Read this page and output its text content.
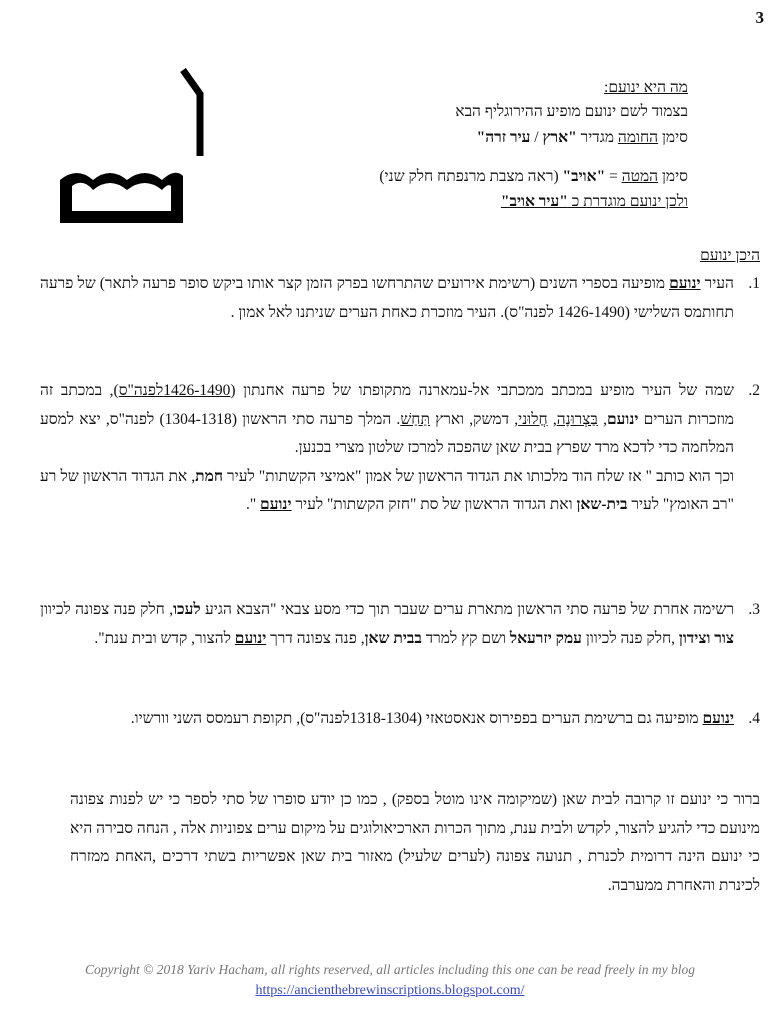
3
מה היא ינועם:
בצמוד לשם ינועם מופיע ההירוגליף הבא
סימן החומה מגדיר "ארץ / עיר זרה"
סימן המטה = "אויב" (ראה מצבת מרנפתח חלק שני)
ולכן ינועם מוגדרת כ "עיר אויב"
היכן ינועם
1.
העיר ינועם מופיעה בספרי השנים (רשימת אירועים שהתרחשו בפרק הזמן קצר אותו ביקש סופר פרעה לתאר) של פרעה תחותמס השלישי (1426-1490 לפנה"ס). העיר מוזכרת כאחת הערים שניתנו לאל אמון .
2.
שמה של העיר מופיע במכתב ממכתבי אל-עמארנה מתקופתו של פרעה אחנתון (1426-1490לפנה"ס), במכתב זה מוזכרות הערים ינועם, בַּצְרוּנָה, חֲלוּני, דמשק, וארץ תַּחַשׁ. המלך פרעה סתי הראשון (1304-1318) לפנה"ס, יצא למסע המלחמה כדי לדכא מרד שפרץ בבית שאן שהפכה למרכז שלטון מצרי בכנען.
וכך הוא כותב " אז שלח הוד מלכותו את הגדוד הראשון של אמון "אמיצי הקשתות" לעיר חמת, את הגדוד הראשון של רע "רב האומץ" לעיר בית-שאן ואת הגדוד הראשון של סת "חזק הקשתות" לעיר ינועם ".
3.
רשימה אחרת של פרעה סתי הראשון מתארת ערים שעבר תוך כדי מסע צבאי "הצבא הגיע לעכו, חלק פנה צפונה לכיוון צור וצידון ,חלק פנה לכיוון עמק יזרעאל ושם קץ למרד בבית שאן, פנה צפונה דרך ינועם להצור, קדש ובית ענת".
4.
ינועם מופיעה גם ברשימת הערים בפפירוס אנאסטאזי (1318-1304לפנה"ס), תקופת רעמסס השני וורשיו.
ברור כי ינועם זו קרובה לבית שאן (שמיקומה אינו מוטל בספק) , כמו כן יודע סופרו של סתי לספר כי יש לפנות צפונה מינועם כדי להגיע להצור, לקדש ולבית ענת, מתוך הכרות הארכיאולוגים על מיקום ערים צפוניות אלה , הנחה סבירה היא כי ינועם הינה דרומית לכנרת , תנועה צפונה (לערים שלעיל) מאזור בית שאן אפשריות בשתי דרכים ,האחת ממזרח לכינרת והאחרת ממערבה.
Copyright © 2018 Yariv Hacham, all rights reserved, all articles including this one can be read freely in my blog
https://ancienthebrewinscriptions.blogspot.com/
